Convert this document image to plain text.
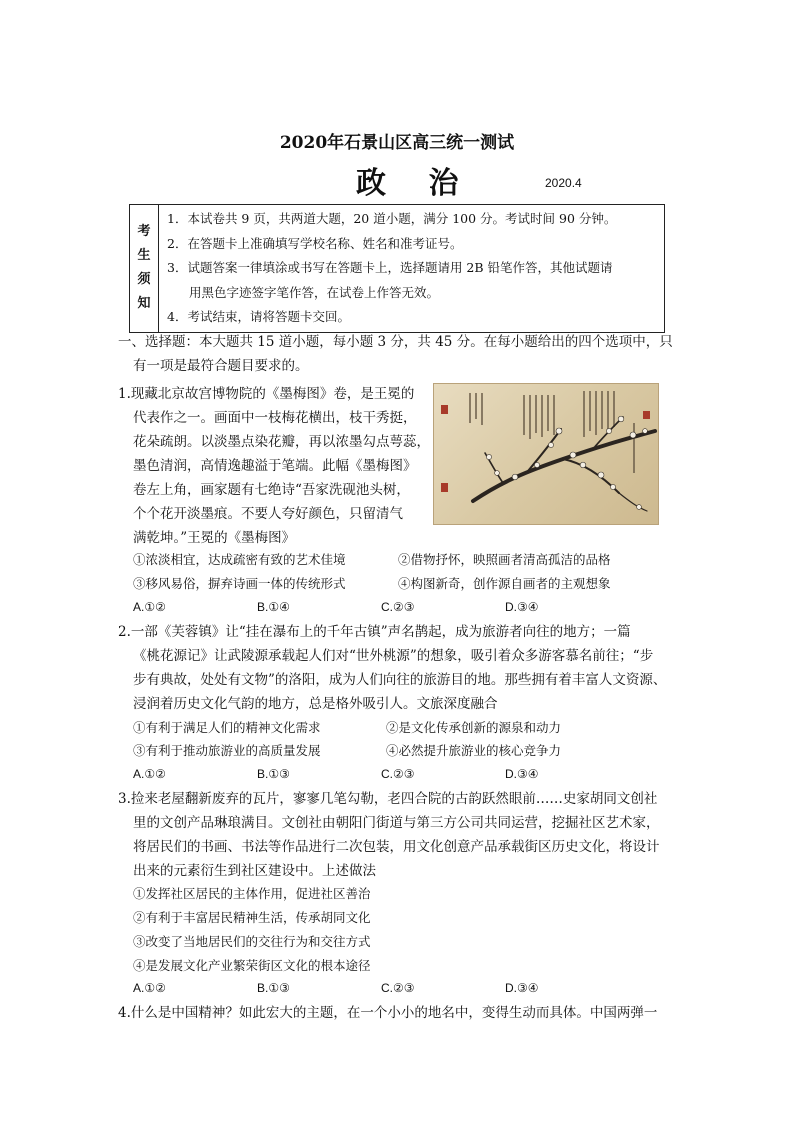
2020年石景山区高三统一测试
政 治	2020.4
考
生
须
知

1．本试卷共 9 页，共两道大题，20 道小题，满分 100 分。考试时间 90 分钟。
2．在答题卡上准确填写学校名称、姓名和准考证号。
3．试题答案一律填涂或书写在答题卡上，选择题请用 2B 铅笔作答，其他试题请
用黑色字迹签字笔作答，在试卷上作答无效。
4．考试结束，请将答题卡交回。
一、选择题：本大题共 15 道小题，每小题 3 分，共 45 分。在每小题给出的四个选项中，只
有一项是最符合题目要求的。
1.现藏北京故宫博物院的《墨梅图》卷，是王冕的
代表作之一。画面中一枝梅花横出，枝干秀挺，
花朵疏朗。以淡墨点染花瓣，再以浓墨勾点萼蕊，
墨色清润，高情逸趣溢于笔端。此幅《墨梅图》
卷左上角，画家题有七绝诗“吾家洗砚池头树，
个个花开淡墨痕。不要人夸好颜色，只留清气
满乾坤。”王冕的《墨梅图》
①浓淡相宜，达成疏密有致的艺术佳境	②借物抒怀，映照画者清高孤洁的品格
③移风易俗，摒弃诗画一体的传统形式	④构图新奇，创作源自画者的主观想象
A.①②	B.①④	C.②③	D.③④
2.一部《芙蓉镇》让“挂在瀑布上的千年古镇”声名鹊起，成为旅游者向往的地方；一篇
《桃花源记》让武陵源承载起人们对“世外桃源”的想象，吸引着众多游客慕名前往；“步
步有典故，处处有文物”的洛阳，成为人们向往的旅游目的地。那些拥有着丰富人文资源、
浸润着历史文化气韵的地方，总是格外吸引人。文旅深度融合
①有利于满足人们的精神文化需求	②是文化传承创新的源泉和动力
③有利于推动旅游业的高质量发展	④必然提升旅游业的核心竞争力
A.①②	B.①③	C.②③	D.③④
3.捡来老屋翻新废弃的瓦片，寥寥几笔勾勒，老四合院的古韵跃然眼前……史家胡同文创社
里的文创产品琳琅满目。文创社由朝阳门街道与第三方公司共同运营，挖掘社区艺术家，
将居民们的书画、书法等作品进行二次包装，用文化创意产品承载街区历史文化，将设计
出来的元素衍生到社区建设中。上述做法
①发挥社区居民的主体作用，促进社区善治
②有利于丰富居民精神生活，传承胡同文化
③改变了当地居民们的交往行为和交往方式
④是发展文化产业繁荣街区文化的根本途径
A.①②	B.①③	C.②③	D.③④
4.什么是中国精神？如此宏大的主题，在一个小小的地名中，变得生动而具体。中国两弹一
